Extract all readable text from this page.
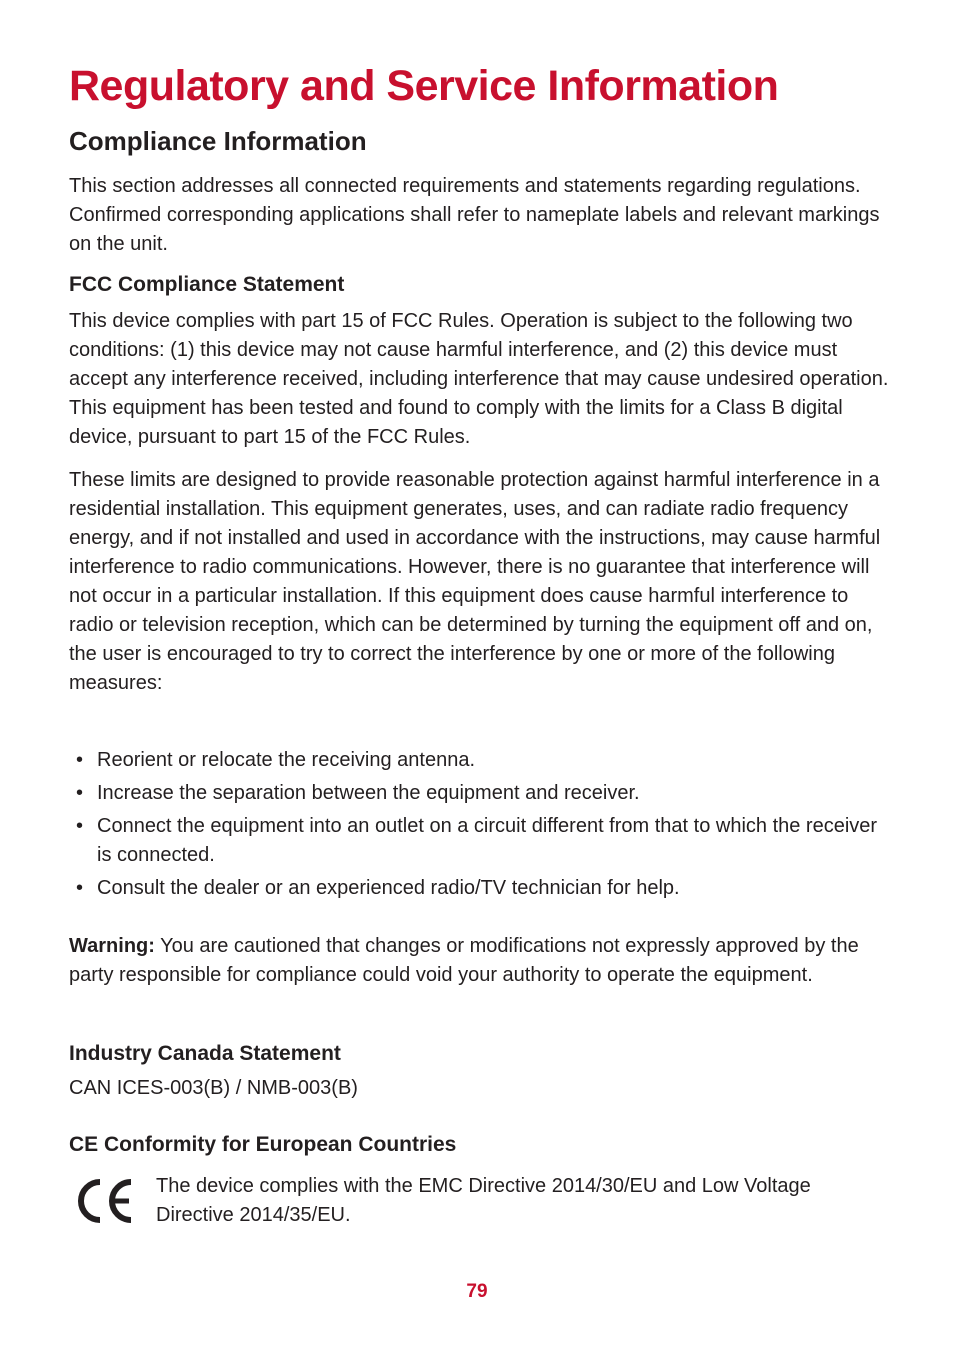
Regulatory and Service Information
Compliance Information

This section addresses all connected requirements and statements regarding regulations. Confirmed corresponding applications shall refer to nameplate labels and relevant markings on the unit.

FCC Compliance Statement

This device complies with part 15 of FCC Rules. Operation is subject to the following two conditions: (1) this device may not cause harmful interference, and (2) this device must accept any interference received, including interference that may cause undesired operation. This equipment has been tested and found to comply with the limits for a Class B digital device, pursuant to part 15 of the FCC Rules.

These limits are designed to provide reasonable protection against harmful interference in a residential installation. This equipment generates, uses, and can radiate radio frequency energy, and if not installed and used in accordance with the instructions, may cause harmful interference to radio communications. However, there is no guarantee that interference will not occur in a particular installation. If this equipment does cause harmful interference to radio or television reception, which can be determined by turning the equipment off and on, the user is encouraged to try to correct the interference by one or more of the following measures:

• Reorient or relocate the receiving antenna.
• Increase the separation between the equipment and receiver.
• Connect the equipment into an outlet on a circuit different from that to which the receiver is connected.
• Consult the dealer or an experienced radio/TV technician for help.

Warning: You are cautioned that changes or modifications not expressly approved by the party responsible for compliance could void your authority to operate the equipment.

Industry Canada Statement

CAN ICES-003(B) / NMB-003(B)

CE Conformity for European Countries

The device complies with the EMC Directive 2014/30/EU and Low Voltage Directive 2014/35/EU.

79
